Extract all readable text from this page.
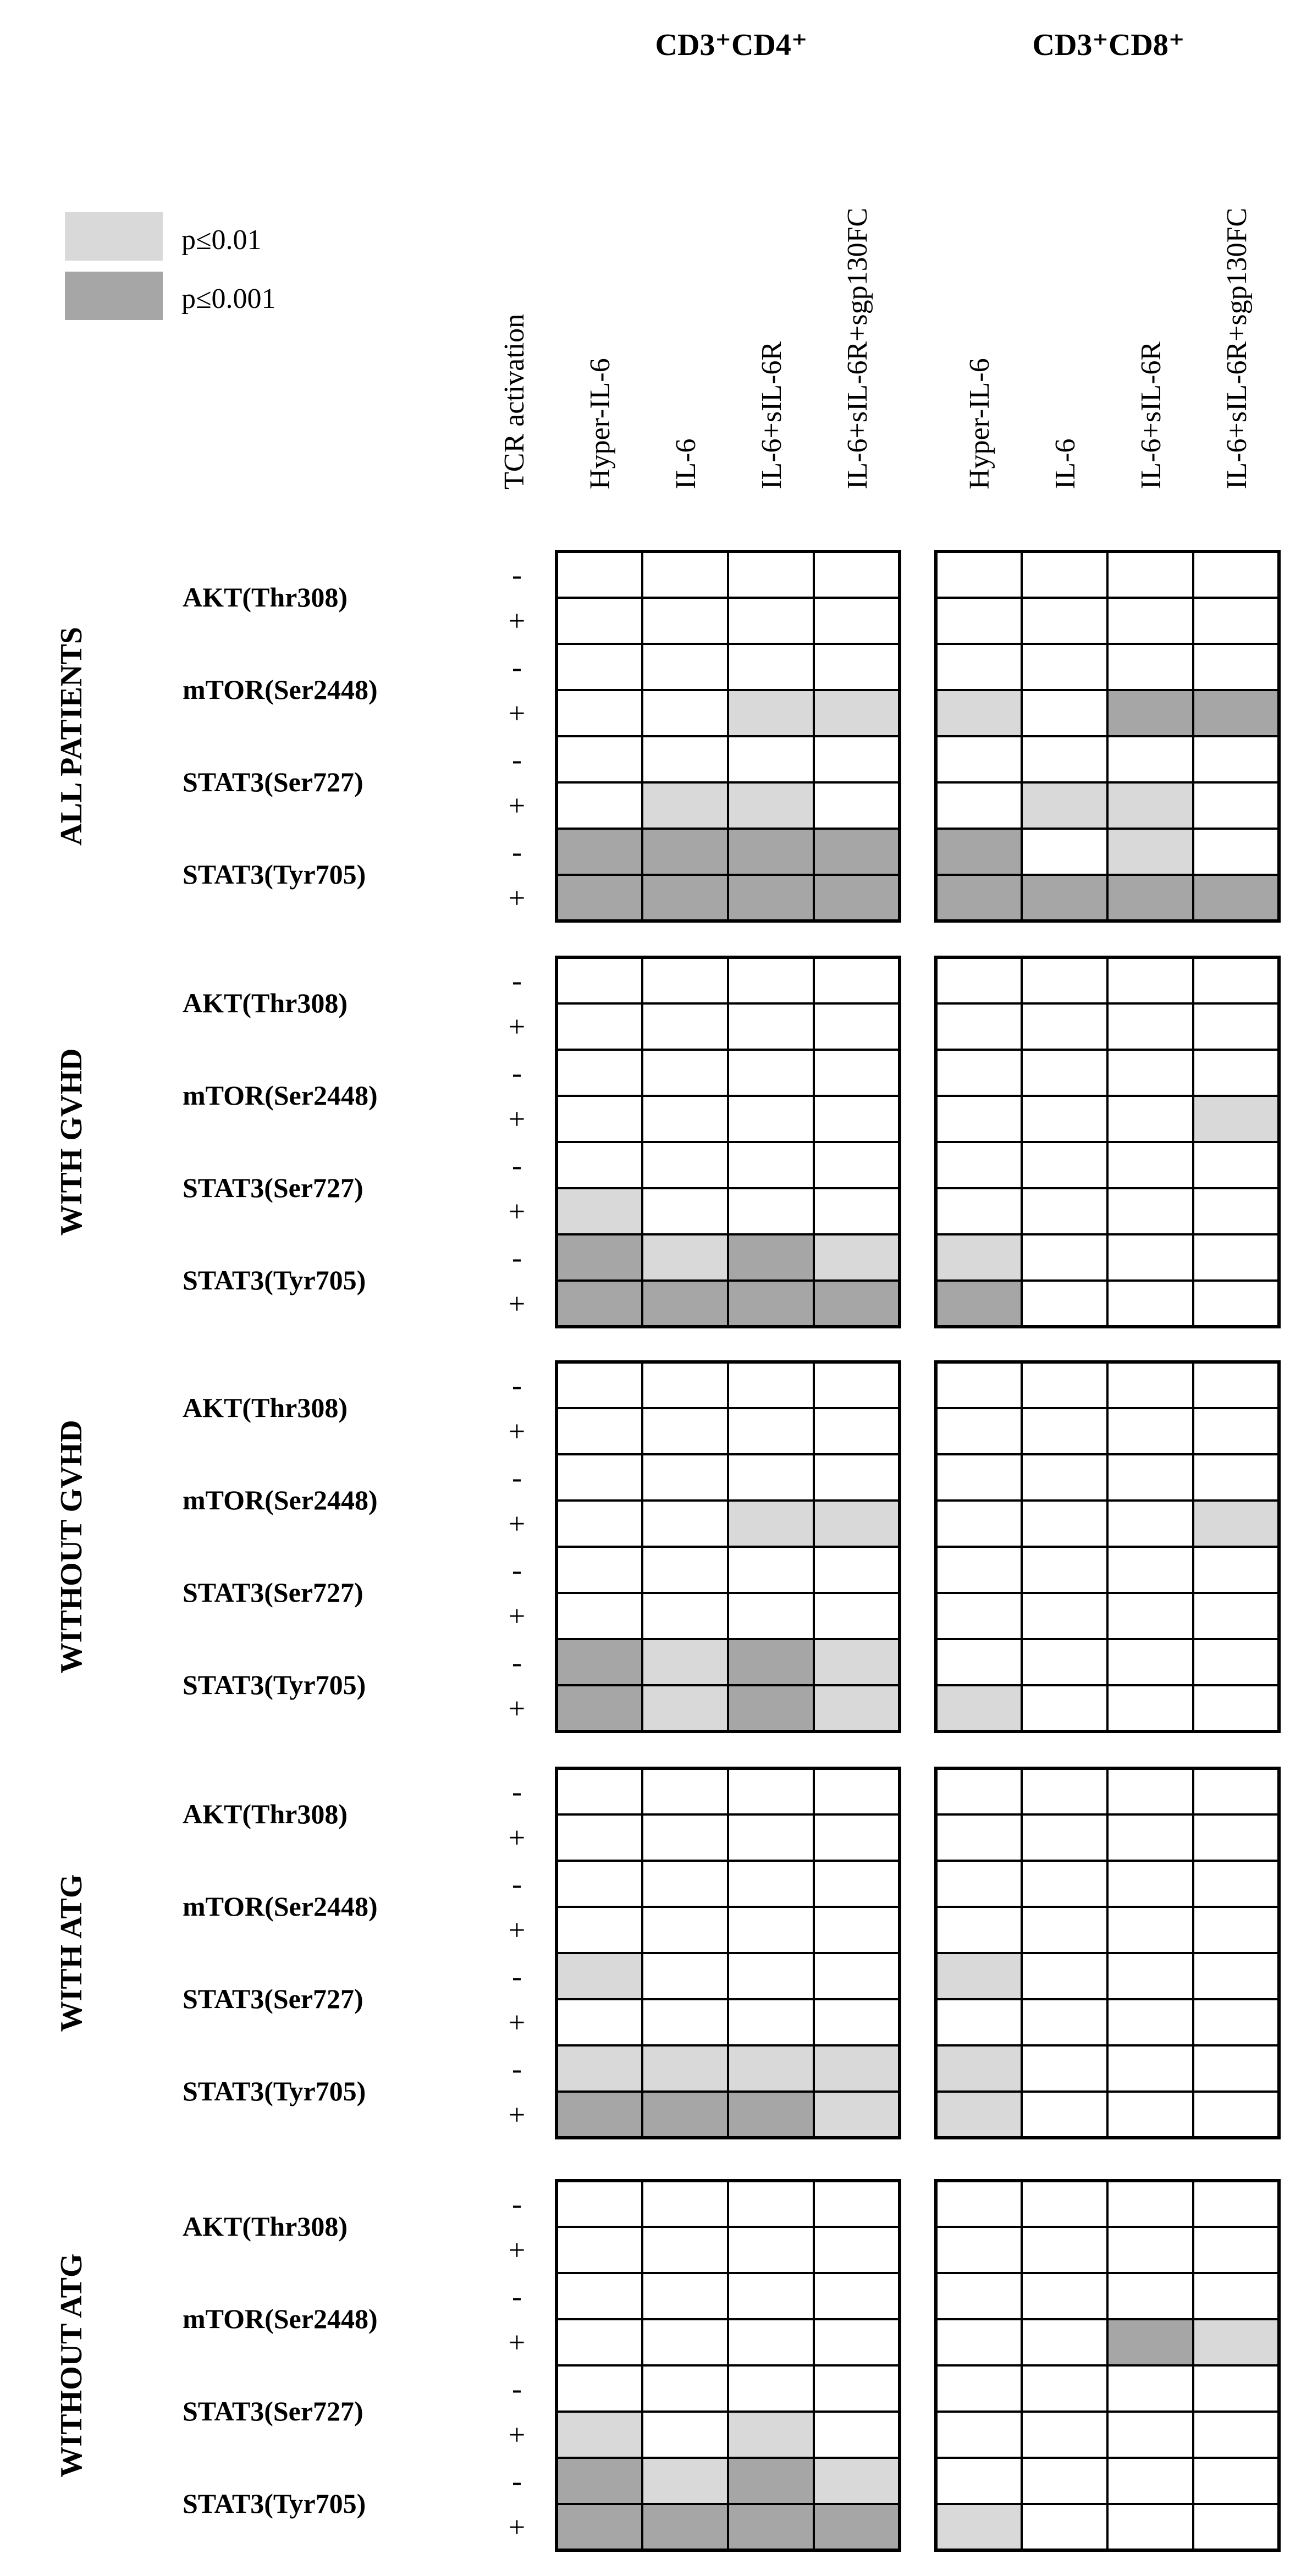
CD3⁺CD4⁺	CD3⁺CD8⁺
p≤0.01
p≤0.001
TCR activation Hyper-IL-6 IL-6 IL-6+sIL-6R IL-6+sIL-6R+sgp130FC	Hyper-IL-6 IL-6 IL-6+sIL-6R IL-6+sIL-6R+sgp130FC
ALL PATIENTS
AKT(Thr308)
mTOR(Ser2448)
STAT3(Ser727)
STAT3(Tyr705)
-
+
-
+
-
+
-
+
WITH GVHD
AKT(Thr308)
mTOR(Ser2448)
STAT3(Ser727)
STAT3(Tyr705)
-
+
-
+
-
+
-
+
WITHOUT GVHD
AKT(Thr308)
mTOR(Ser2448)
STAT3(Ser727)
STAT3(Tyr705)
-
+
-
+
-
+
-
+
WITH ATG
AKT(Thr308)
mTOR(Ser2448)
STAT3(Ser727)
STAT3(Tyr705)
-
+
-
+
-
+
-
+
WITHOUT ATG
AKT(Thr308)
mTOR(Ser2448)
STAT3(Ser727)
STAT3(Tyr705)
-
+
-
+
-
+
-
+
